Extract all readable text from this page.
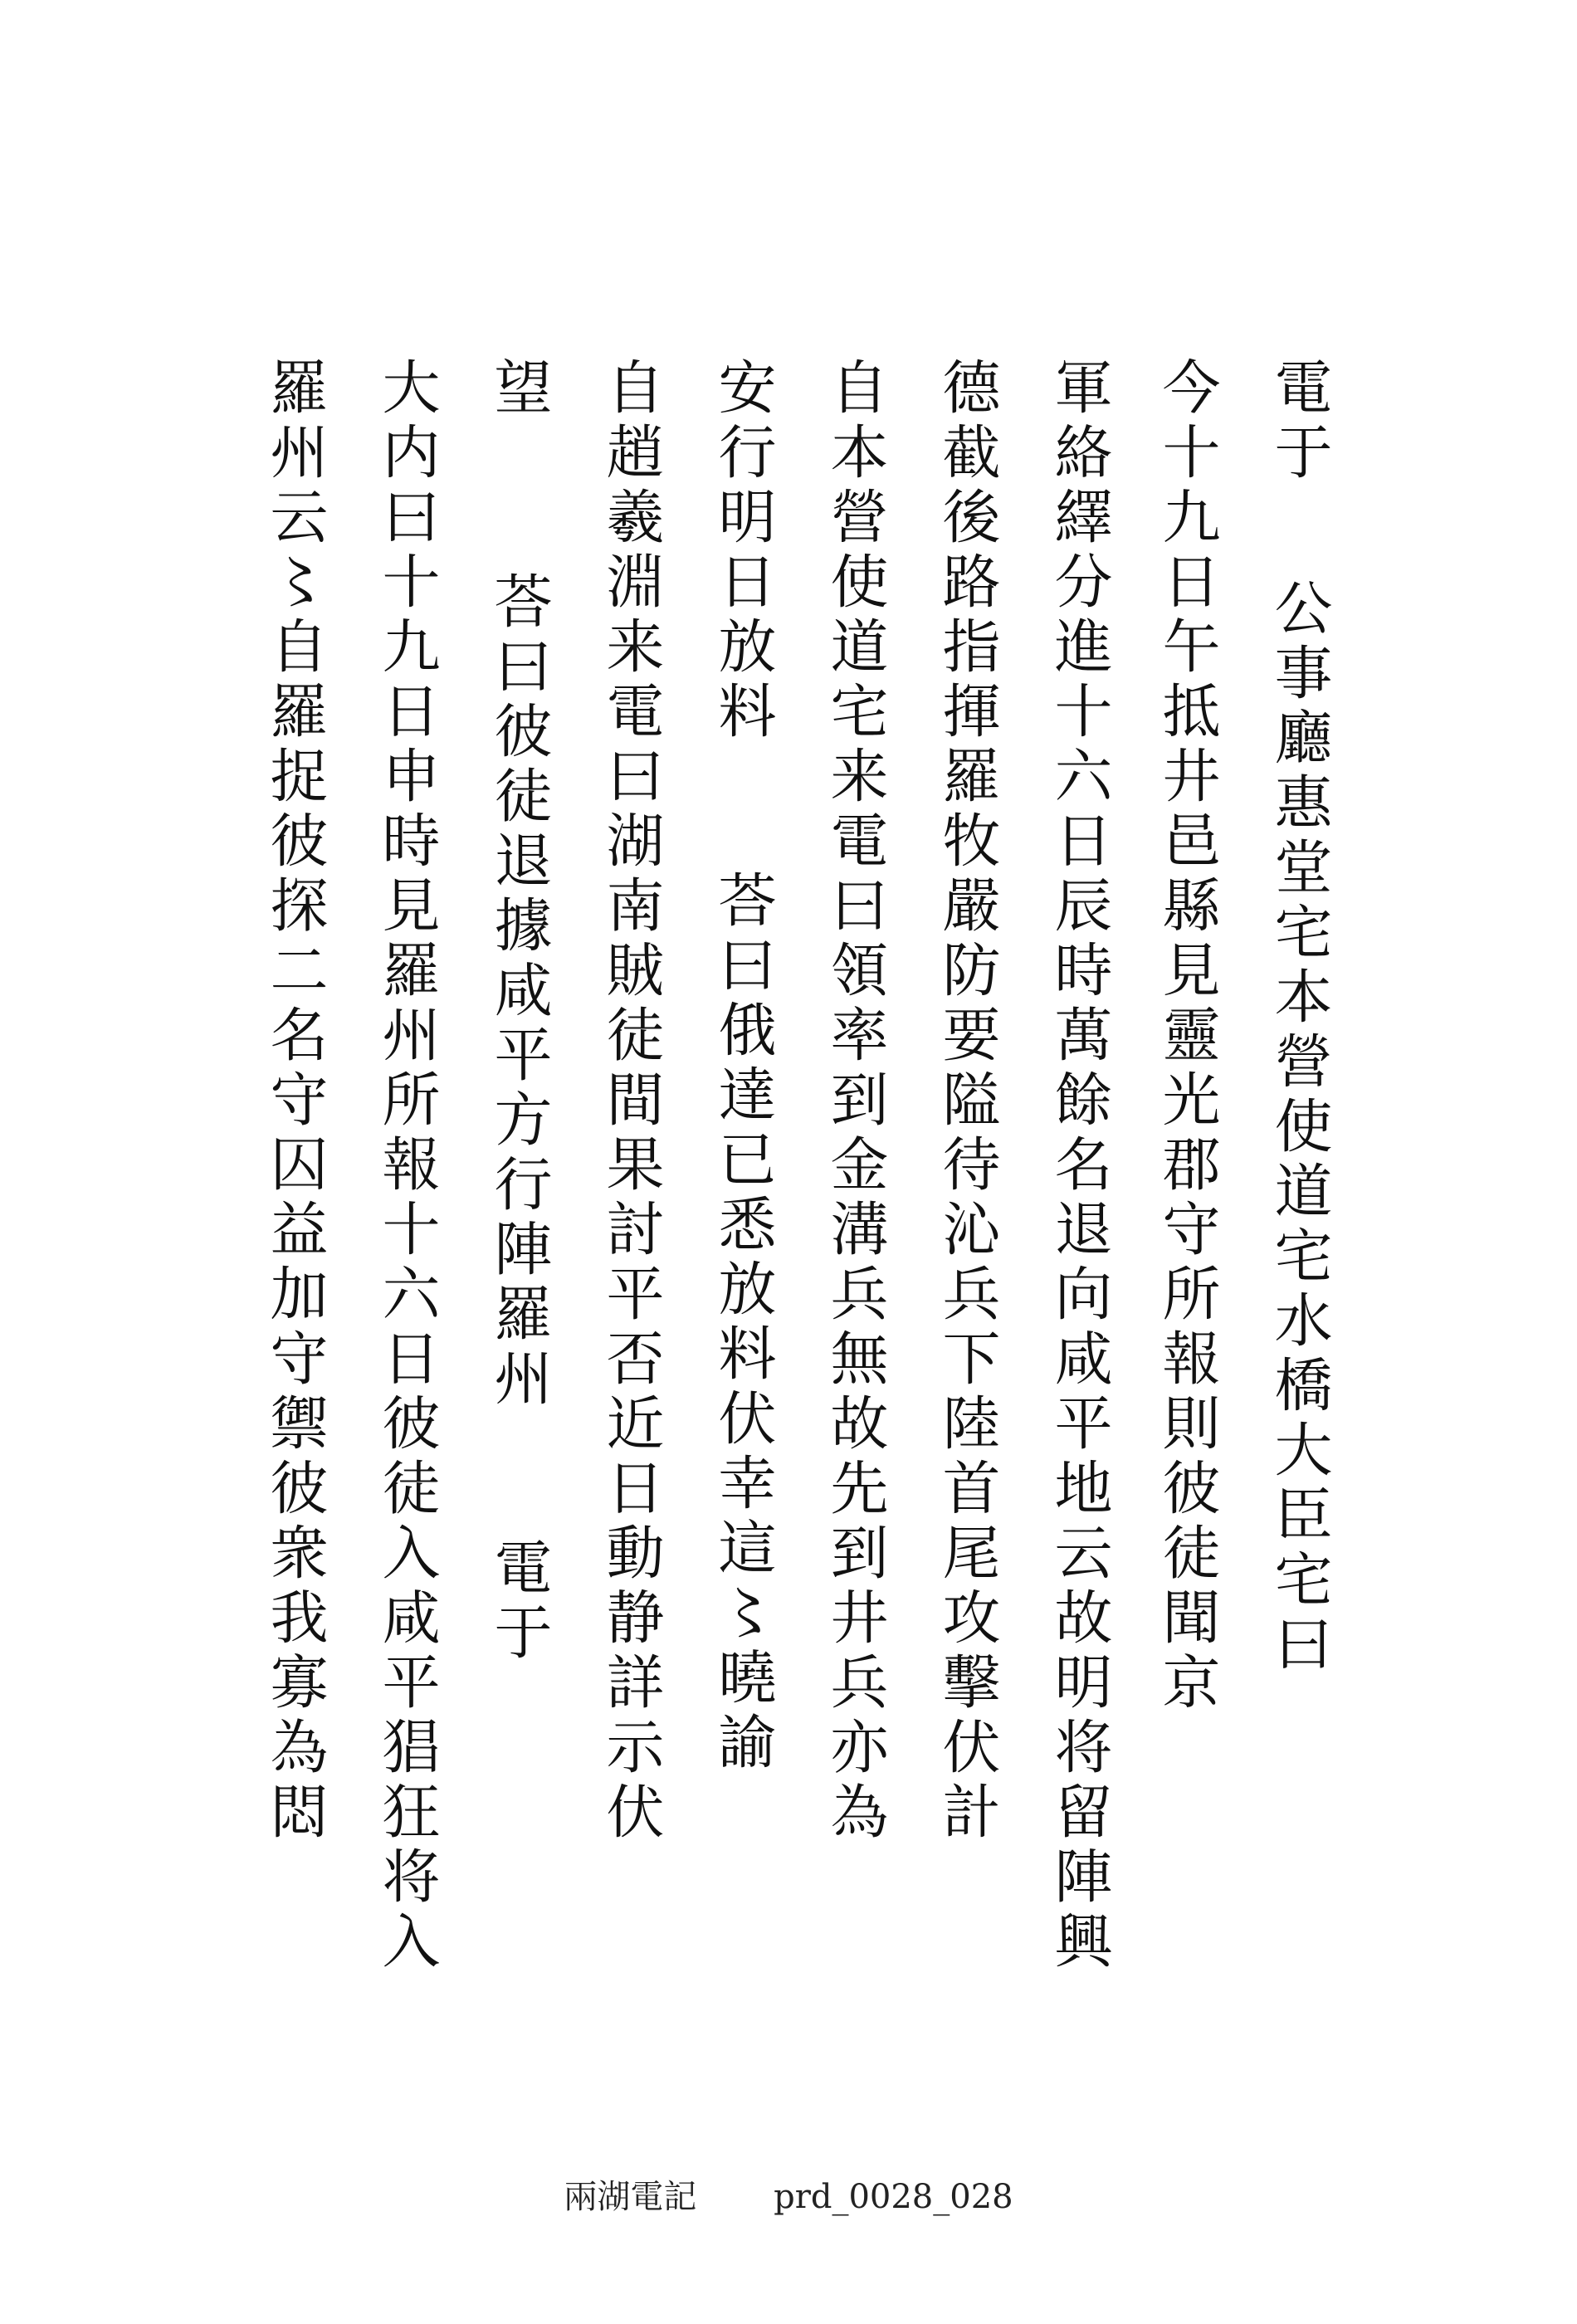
電于公事廳惠堂宅本營使道宅水橋大臣宅曰
今十九日午抵井邑縣見靈光郡守所報則彼徒聞京
軍絡繹分進十六日辰時萬餘名退向咸平地云故明将留陣興
德截後路指揮羅牧嚴防要隘待沁兵下陸首尾攻擊伏計
自本營使道宅来電曰領率到金溝兵無故先到井兵亦為
安行明日放料荅曰俄達已悉放料伏幸這〻曉諭
自趙羲淵来電曰湖南賊徒間果討平否近日動静詳示伏
望荅曰彼徒退據咸平方行陣羅州電于
大内曰十九日申時見羅州所報十六日彼徒入咸平猖狂将入
羅州云〻自羅捉彼探二名守囚益加守禦彼衆我寡為悶
兩湖電記 prd_0028_028
